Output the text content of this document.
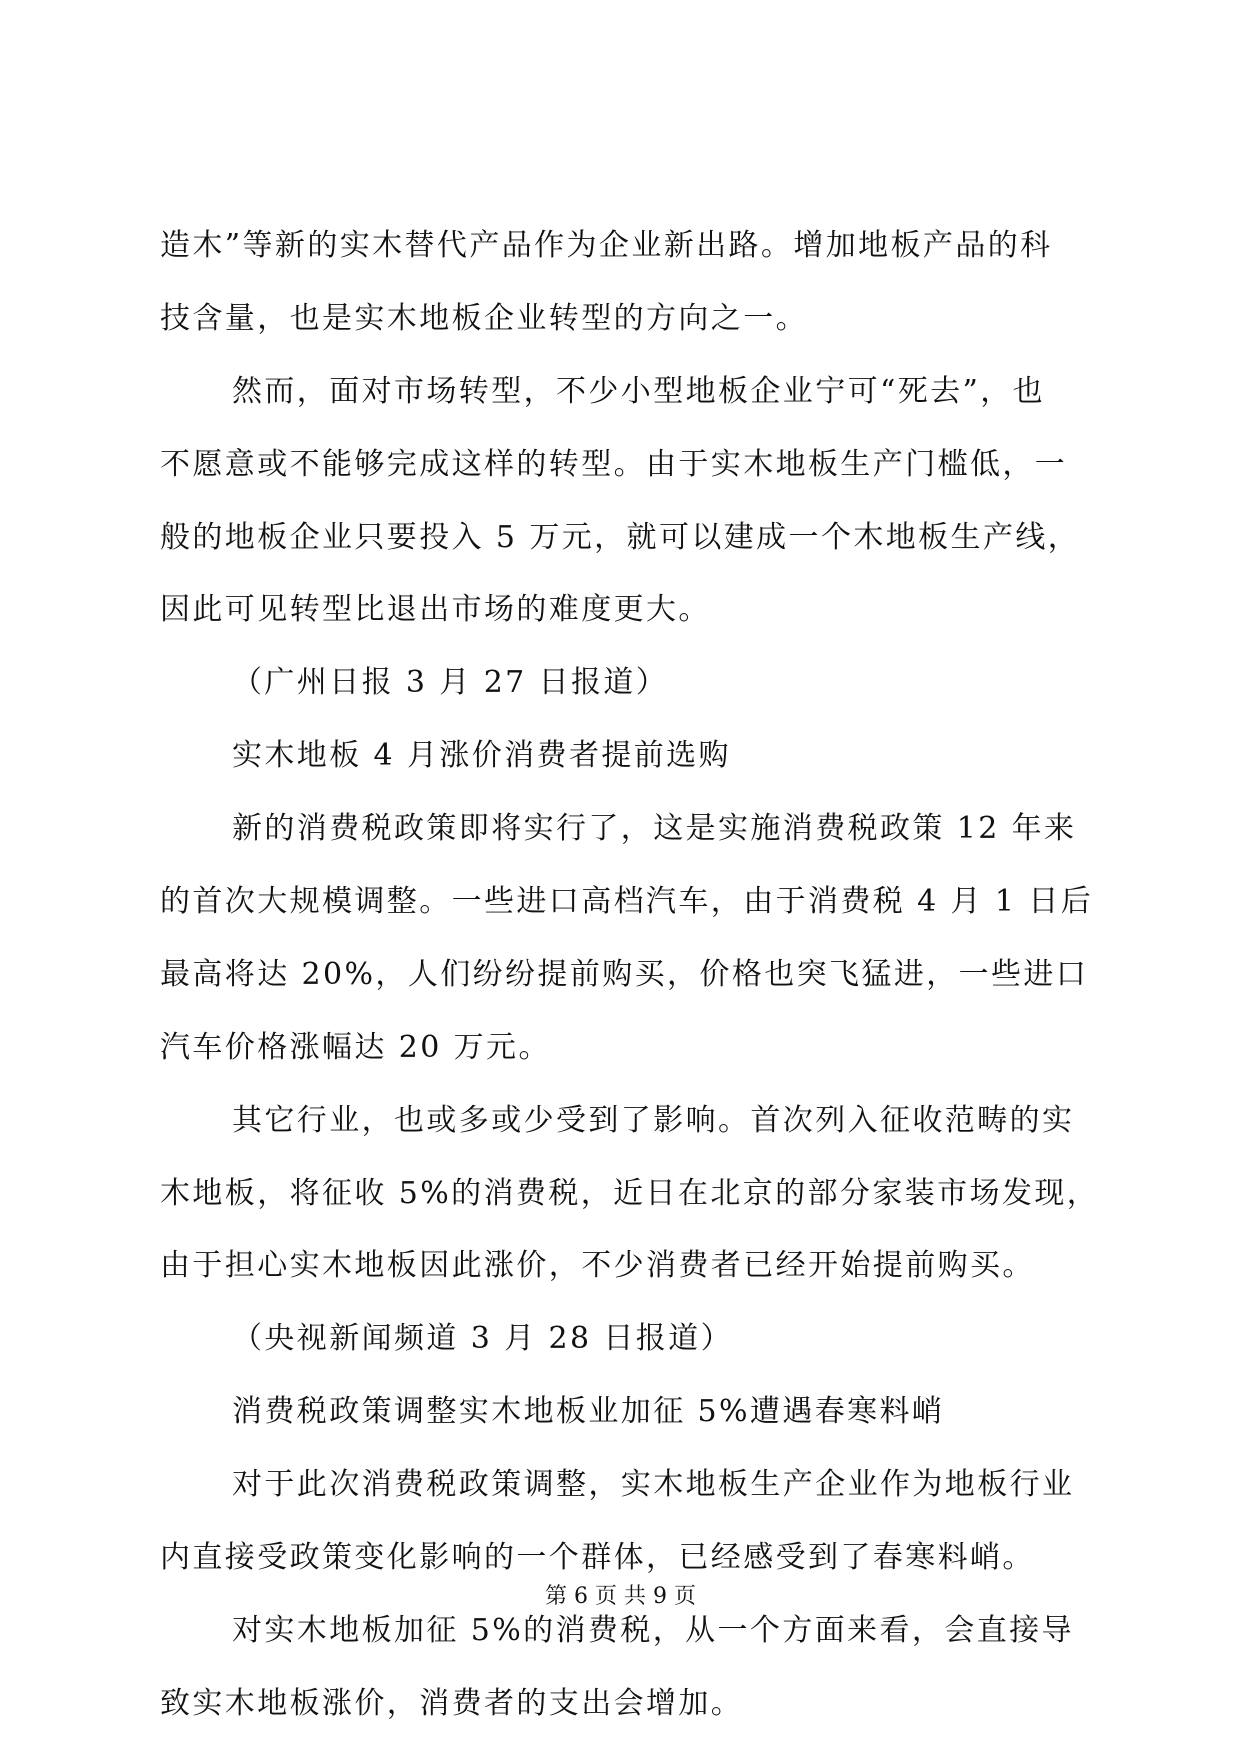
造木”等新的实木替代产品作为企业新出路。增加地板产品的科
技含量，也是实木地板企业转型的方向之一。
然而，面对市场转型，不少小型地板企业宁可“死去”，也
不愿意或不能够完成这样的转型。由于实木地板生产门槛低，一
般的地板企业只要投入 5 万元，就可以建成一个木地板生产线，
因此可见转型比退出市场的难度更大。
（广州日报 3 月 27 日报道）
实木地板 4 月涨价消费者提前选购
新的消费税政策即将实行了，这是实施消费税政策 12 年来
的首次大规模调整。一些进口高档汽车，由于消费税 4 月 1 日后
最高将达 20%，人们纷纷提前购买，价格也突飞猛进，一些进口
汽车价格涨幅达 20 万元。
其它行业，也或多或少受到了影响。首次列入征收范畴的实
木地板，将征收 5%的消费税，近日在北京的部分家装市场发现，
由于担心实木地板因此涨价，不少消费者已经开始提前购买。
（央视新闻频道 3 月 28 日报道）
消费税政策调整实木地板业加征 5%遭遇春寒料峭
对于此次消费税政策调整，实木地板生产企业作为地板行业
内直接受政策变化影响的一个群体，已经感受到了春寒料峭。
对实木地板加征 5%的消费税，从一个方面来看，会直接导
致实木地板涨价，消费者的支出会增加。
第 6 页 共 9 页
